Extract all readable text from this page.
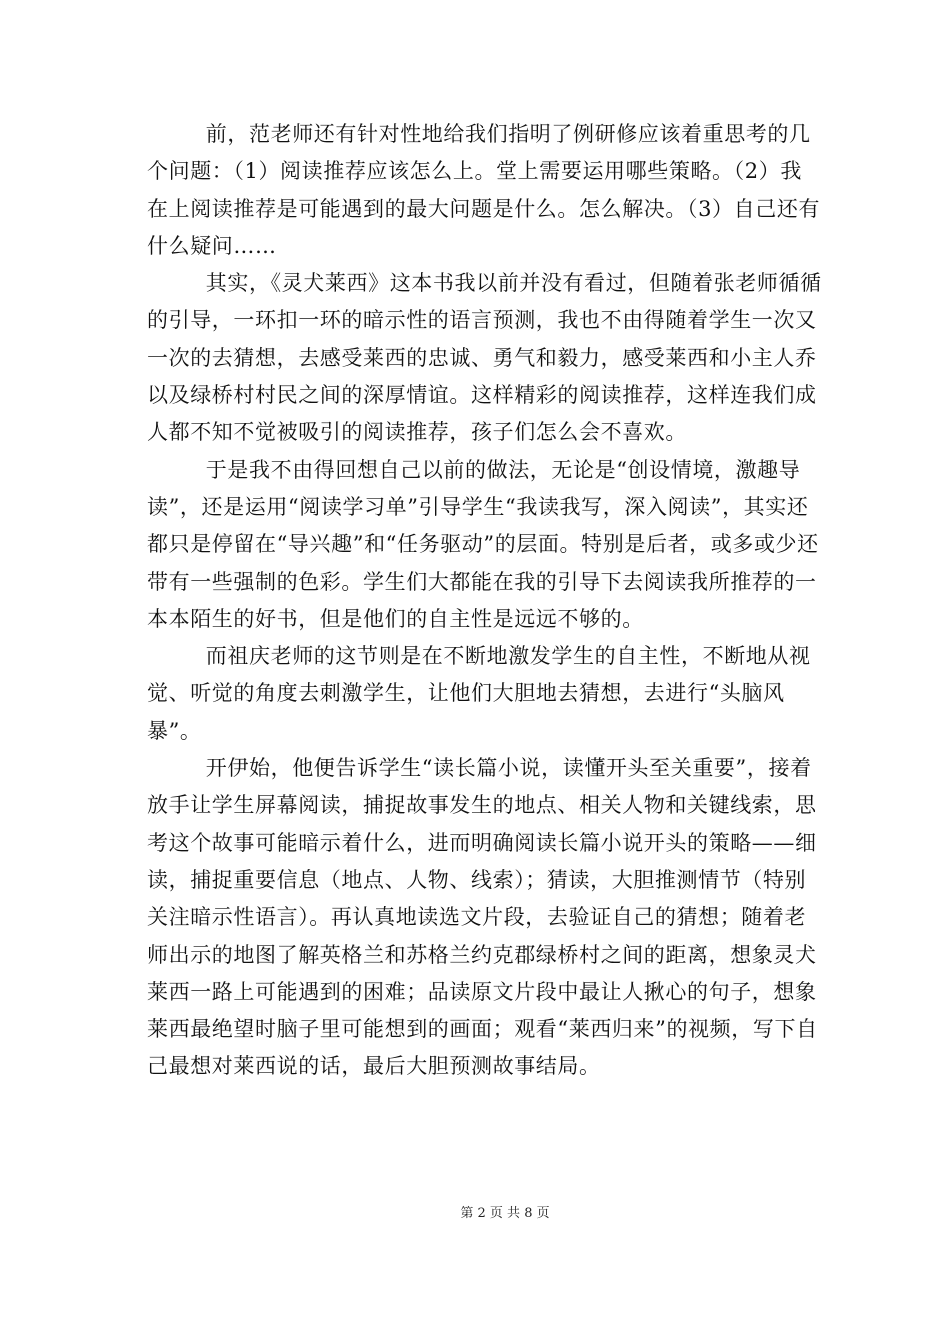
前，范老师还有针对性地给我们指明了例研修应该着重思考的几个问题：（1）阅读推荐应该怎么上。堂上需要运用哪些策略。（2）我在上阅读推荐是可能遇到的最大问题是什么。怎么解决。（3）自己还有什么疑问……

其实，《灵犬莱西》这本书我以前并没有看过，但随着张老师循循的引导，一环扣一环的暗示性的语言预测，我也不由得随着学生一次又一次的去猜想，去感受莱西的忠诚、勇气和毅力，感受莱西和小主人乔以及绿桥村村民之间的深厚情谊。这样精彩的阅读推荐，这样连我们成人都不知不觉被吸引的阅读推荐，孩子们怎么会不喜欢。

于是我不由得回想自己以前的做法，无论是“创设情境，激趣导读”，还是运用“阅读学习单”引导学生“我读我写，深入阅读”，其实还都只是停留在“导兴趣”和“任务驱动”的层面。特别是后者，或多或少还带有一些强制的色彩。学生们大都能在我的引导下去阅读我所推荐的一本本陌生的好书，但是他们的自主性是远远不够的。

而祖庆老师的这节则是在不断地激发学生的自主性，不断地从视觉、听觉的角度去刺激学生，让他们大胆地去猜想，去进行“头脑风暴”。

开伊始，他便告诉学生“读长篇小说，读懂开头至关重要”，接着放手让学生屏幕阅读，捕捉故事发生的地点、相关人物和关键线索，思考这个故事可能暗示着什么，进而明确阅读长篇小说开头的策略——细读，捕捉重要信息（地点、人物、线索）；猜读，大胆推测情节（特别关注暗示性语言）。再认真地读选文片段，去验证自己的猜想；随着老师出示的地图了解英格兰和苏格兰约克郡绿桥村之间的距离，想象灵犬莱西一路上可能遇到的困难；品读原文片段中最让人揪心的句子，想象莱西最绝望时脑子里可能想到的画面；观看“莱西归来”的视频，写下自己最想对莱西说的话，最后大胆预测故事结局。

第 2 页 共 8 页
